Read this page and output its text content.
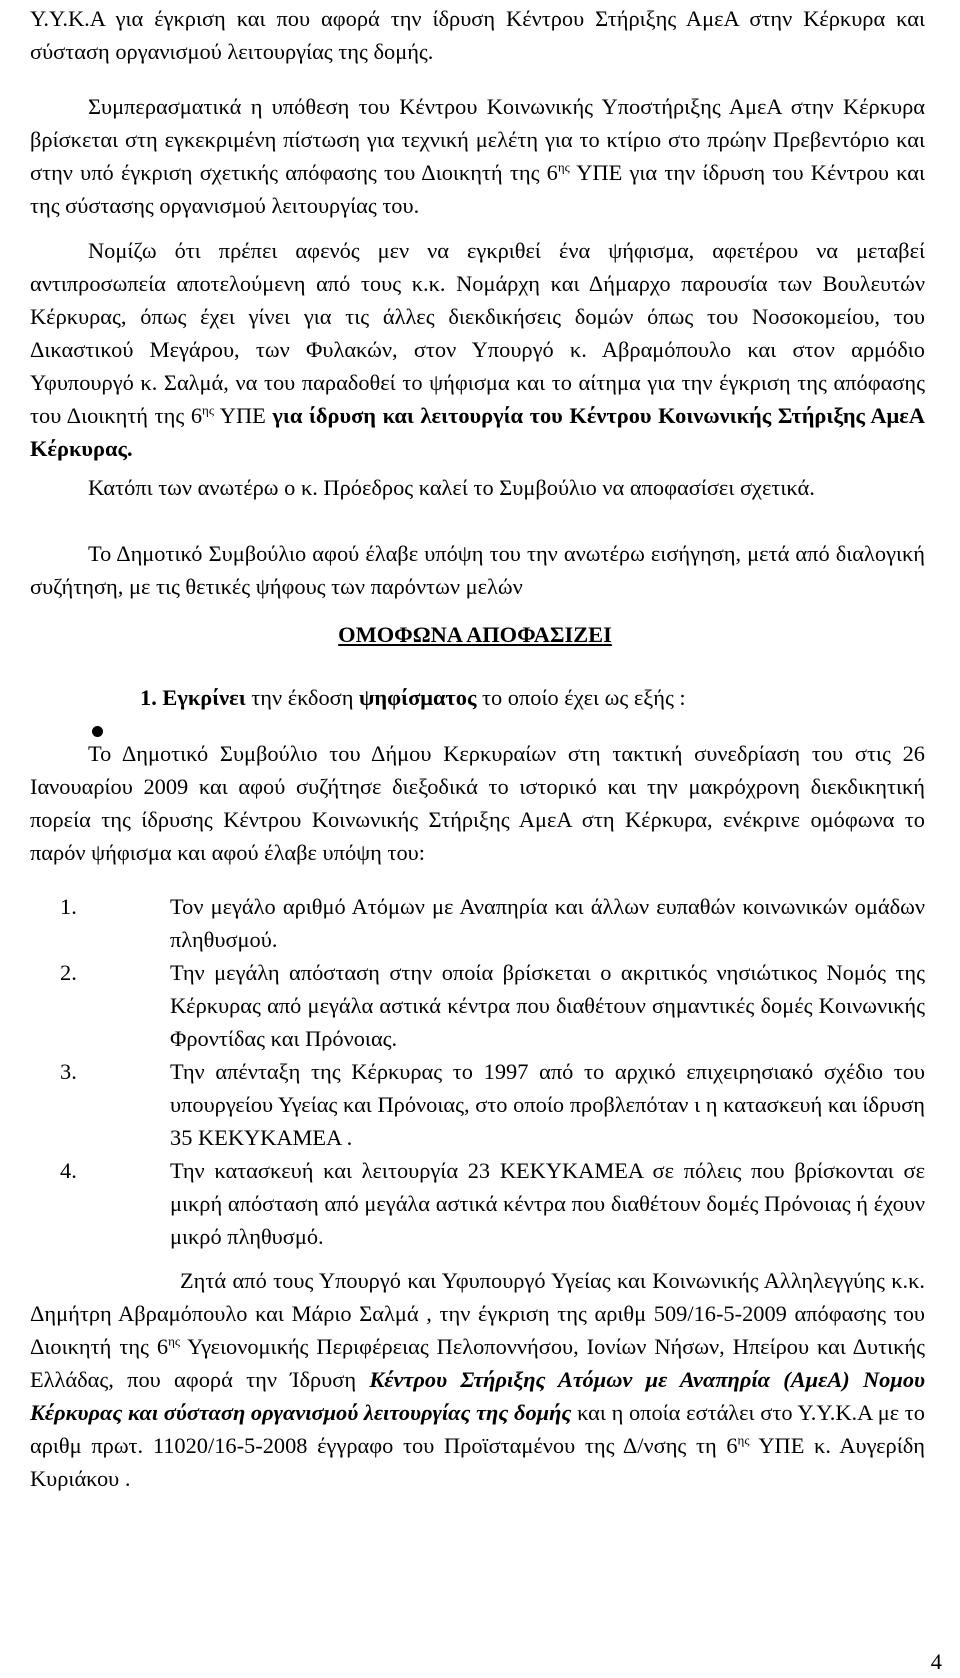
Υ.Υ.Κ.Α για έγκριση και που αφορά την ίδρυση Κέντρου Στήριξης ΑμεΑ στην Κέρκυρα και σύσταση οργανισμού λειτουργίας της δομής.

Συμπερασματικά η υπόθεση του Κέντρου Κοινωνικής Υποστήριξης ΑμεΑ στην Κέρκυρα βρίσκεται στη εγκεκριμένη πίστωση για τεχνική μελέτη για το κτίριο στο πρώην Πρεβεντόριο και στην υπό έγκριση σχετικής απόφασης του Διοικητή της $6^{\eta\varsigma}$ ΥΠΕ για την ίδρυση του Κέντρου και της σύστασης οργανισμού λειτουργίας του.

Νομίζω ότι πρέπει αφενός μεν να εγκριθεί ένα ψήφισμα, αφετέρου να μεταβεί αντιπροσωπεία αποτελούμενη από τους κ.κ. Νομάρχη και Δήμαρχο παρουσία των Βουλευτών Κέρκυρας, όπως έχει γίνει για τις άλλες διεκδικήσεις δομών όπως του Νοσοκομείου, του Δικαστικού Μεγάρου, των Φυλακών, στον Υπουργό κ. Αβραμόπουλο και στον αρμόδιο Υφυπουργό κ. Σαλμά, να του παραδοθεί το ψήφισμα και το αίτημα για την έγκριση της απόφασης του Διοικητή της $6^{\eta\varsigma}$ ΥΠΕ για ίδρυση και λειτουργία του Κέντρου Κοινωνικής Στήριξης ΑμεΑ Κέρκυρας.

Κατόπι των ανωτέρω ο κ. Πρόεδρος καλεί το Συμβούλιο να αποφασίσει σχετικά.

Το Δημοτικό Συμβούλιο αφού έλαβε υπόψη του την ανωτέρω εισήγηση, μετά από διαλογική συζήτηση, με τις θετικές ψήφους των παρόντων μελών

ΟΜΟΦΩΝΑ ΑΠΟΦΑΣΙΖΕΙ

1. Εγκρίνει την έκδοση ψηφίσματος το οποίο έχει ως εξής :

Το Δημοτικό Συμβούλιο του Δήμου Κερκυραίων στη τακτική συνεδρίαση του στις 26 Ιανουαρίου 2009 και αφού συζήτησε διεξοδικά το ιστορικό και την μακρόχρονη διεκδικητική πορεία της ίδρυσης Κέντρου Κοινωνικής Στήριξης ΑμεΑ στη Κέρκυρα, ενέκρινε ομόφωνα το παρόν ψήφισμα και αφού έλαβε υπόψη του:

1.	Τον μεγάλο αριθμό Ατόμων με Αναπηρία και άλλων ευπαθών κοινωνικών ομάδων πληθυσμού.
2.	Την μεγάλη απόσταση στην οποία βρίσκεται ο ακριτικός νησιώτικος Νομός της Κέρκυρας από μεγάλα αστικά κέντρα που διαθέτουν σημαντικές δομές Κοινωνικής Φροντίδας και Πρόνοιας.
3.	Την απένταξη της Κέρκυρας το 1997 από το αρχικό επιχειρησιακό σχέδιο του υπουργείου Υγείας και Πρόνοιας, στο οποίο προβλεπόταν ι η κατασκευή και ίδρυση 35 ΚΕΚΥΚΑΜΕΑ .
4.	Την κατασκευή και λειτουργία 23 ΚΕΚΥΚΑΜΕΑ σε πόλεις που βρίσκονται σε μικρή απόσταση από μεγάλα αστικά κέντρα που διαθέτουν δομές Πρόνοιας ή έχουν μικρό πληθυσμό.

Ζητά από τους Υπουργό και Υφυπουργό Υγείας και Κοινωνικής Αλληλεγγύης κ.κ. Δημήτρη Αβραμόπουλο και Μάριο Σαλμά , την έγκριση της αριθμ 509/16-5-2009 απόφασης του Διοικητή της $6^{\eta\varsigma}$ Υγειονομικής Περιφέρειας Πελοποννήσου, Ιονίων Νήσων, Ηπείρου και Δυτικής Ελλάδας, που αφορά την Ίδρυση Κέντρου Στήριξης Ατόμων με Αναπηρία (ΑμεΑ) Νομου Κέρκυρας και σύσταση οργανισμού λειτουργίας της δομής και η οποία εστάλει στο Υ.Υ.Κ.Α με το αριθμ πρωτ. 11020/16-5-2008 έγγραφο του Προϊσταμένου της Δ/νσης τη $6^{\eta\varsigma}$ ΥΠΕ κ. Αυγερίδη Κυριάκου .

4
